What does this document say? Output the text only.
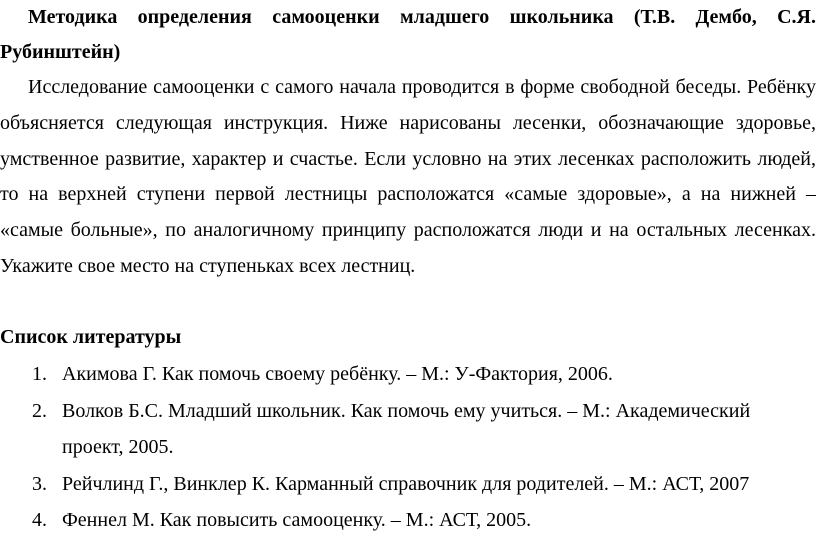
Методика определения самооценки младшего школьника (Т.В. Дембо, С.Я. Рубинштейн)

Исследование самооценки с самого начала проводится в форме свободной беседы. Ребёнку объясняется следующая инструкция. Ниже нарисованы лесенки, обозначающие здоровье, умственное развитие, характер и счастье. Если условно на этих лесенках расположить людей, то на верхней ступени первой лестницы расположатся «самые здоровые», а на нижней – «самые больные», по аналогичному принципу расположатся люди и на остальных лесенках. Укажите свое место на ступеньках всех лестниц.

Список литературы

1. Акимова Г. Как помочь своему ребёнку. – М.: У-Фактория, 2006.
2. Волков Б.С. Младший школьник. Как помочь ему учиться. – М.: Академический проект, 2005.
3. Рейчлинд Г., Винклер К. Карманный справочник для родителей. – М.: АСТ, 2007
4. Феннел М. Как повысить самооценку. – М.: АСТ, 2005.
